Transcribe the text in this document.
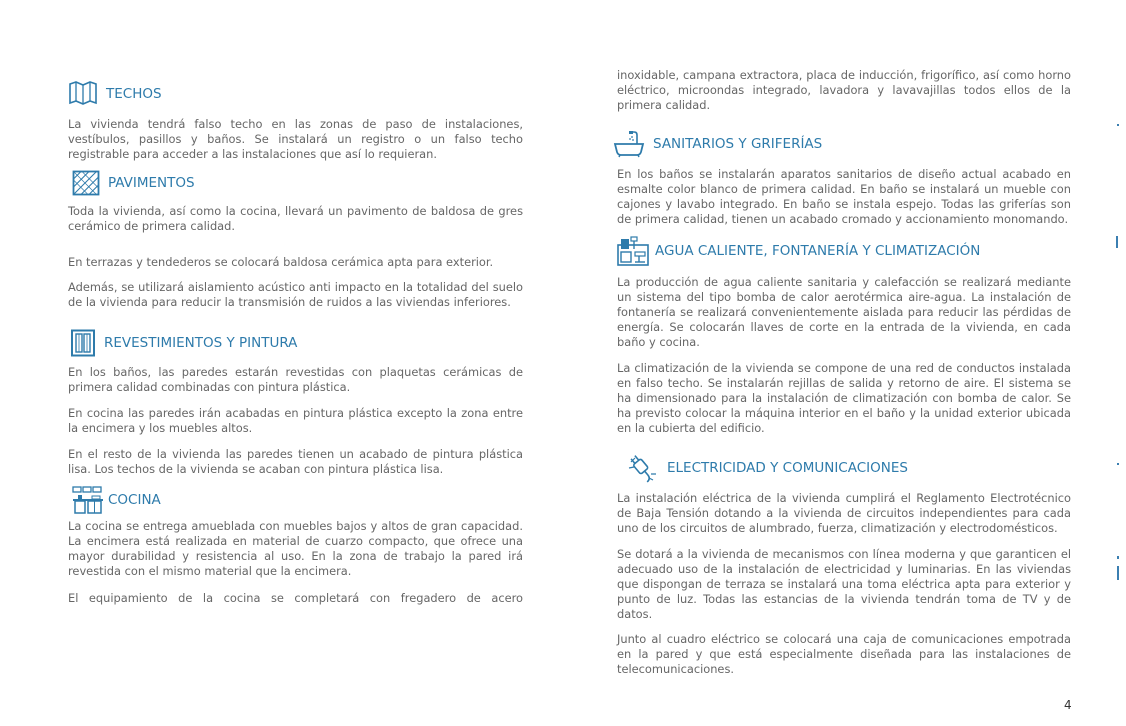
TECHOS

La vivienda tendrá falso techo en las zonas de paso de instalaciones, vestíbulos, pasillos y baños. Se instalará un registro o un falso techo registrable para acceder a las instalaciones que así lo requieran.

PAVIMENTOS

Toda la vivienda, así como la cocina, llevará un pavimento de baldosa de gres cerámico de primera calidad.

En terrazas y tendederos se colocará baldosa cerámica apta para exterior.

Además, se utilizará aislamiento acústico anti impacto en la totalidad del suelo de la vivienda para reducir la transmisión de ruidos a las viviendas inferiores.

REVESTIMIENTOS Y PINTURA

En los baños, las paredes estarán revestidas con plaquetas cerámicas de primera calidad combinadas con pintura plástica.

En cocina las paredes irán acabadas en pintura plástica excepto la zona entre la encimera y los muebles altos.

En el resto de la vivienda las paredes tienen un acabado de pintura plástica lisa. Los techos de la vivienda se acaban con pintura plástica lisa.

COCINA

La cocina se entrega amueblada con muebles bajos y altos de gran capacidad. La encimera está realizada en material de cuarzo compacto, que ofrece una mayor durabilidad y resistencia al uso. En la zona de trabajo la pared irá revestida con el mismo material que la encimera.

El equipamiento de la cocina se completará con fregadero de acero

inoxidable, campana extractora, placa de inducción, frigorífico, así como horno eléctrico, microondas integrado, lavadora y lavavajillas todos ellos de la primera calidad.

SANITARIOS Y GRIFERÍAS

En los baños se instalarán aparatos sanitarios de diseño actual acabado en esmalte color blanco de primera calidad. En baño se instalará un mueble con cajones y lavabo integrado. En baño se instala espejo. Todas las griferías son de primera calidad, tienen un acabado cromado y accionamiento monomando.

AGUA CALIENTE, FONTANERÍA Y CLIMATIZACIÓN

La producción de agua caliente sanitaria y calefacción se realizará mediante un sistema del tipo bomba de calor aerotérmica aire-agua. La instalación de fontanería se realizará convenientemente aislada para reducir las pérdidas de energía. Se colocarán llaves de corte en la entrada de la vivienda, en cada baño y cocina.

La climatización de la vivienda se compone de una red de conductos instalada en falso techo. Se instalarán rejillas de salida y retorno de aire. El sistema se ha dimensionado para la instalación de climatización con bomba de calor. Se ha previsto colocar la máquina interior en el baño y la unidad exterior ubicada en la cubierta del edificio.

ELECTRICIDAD Y COMUNICACIONES

La instalación eléctrica de la vivienda cumplirá el Reglamento Electrotécnico de Baja Tensión dotando a la vivienda de circuitos independientes para cada uno de los circuitos de alumbrado, fuerza, climatización y electrodomésticos.

Se dotará a la vivienda de mecanismos con línea moderna y que garanticen el adecuado uso de la instalación de electricidad y luminarias. En las viviendas que dispongan de terraza se instalará una toma eléctrica apta para exterior y punto de luz. Todas las estancias de la vivienda tendrán toma de TV y de datos.

Junto al cuadro eléctrico se colocará una caja de comunicaciones empotrada en la pared y que está especialmente diseñada para las instalaciones de telecomunicaciones.

4
